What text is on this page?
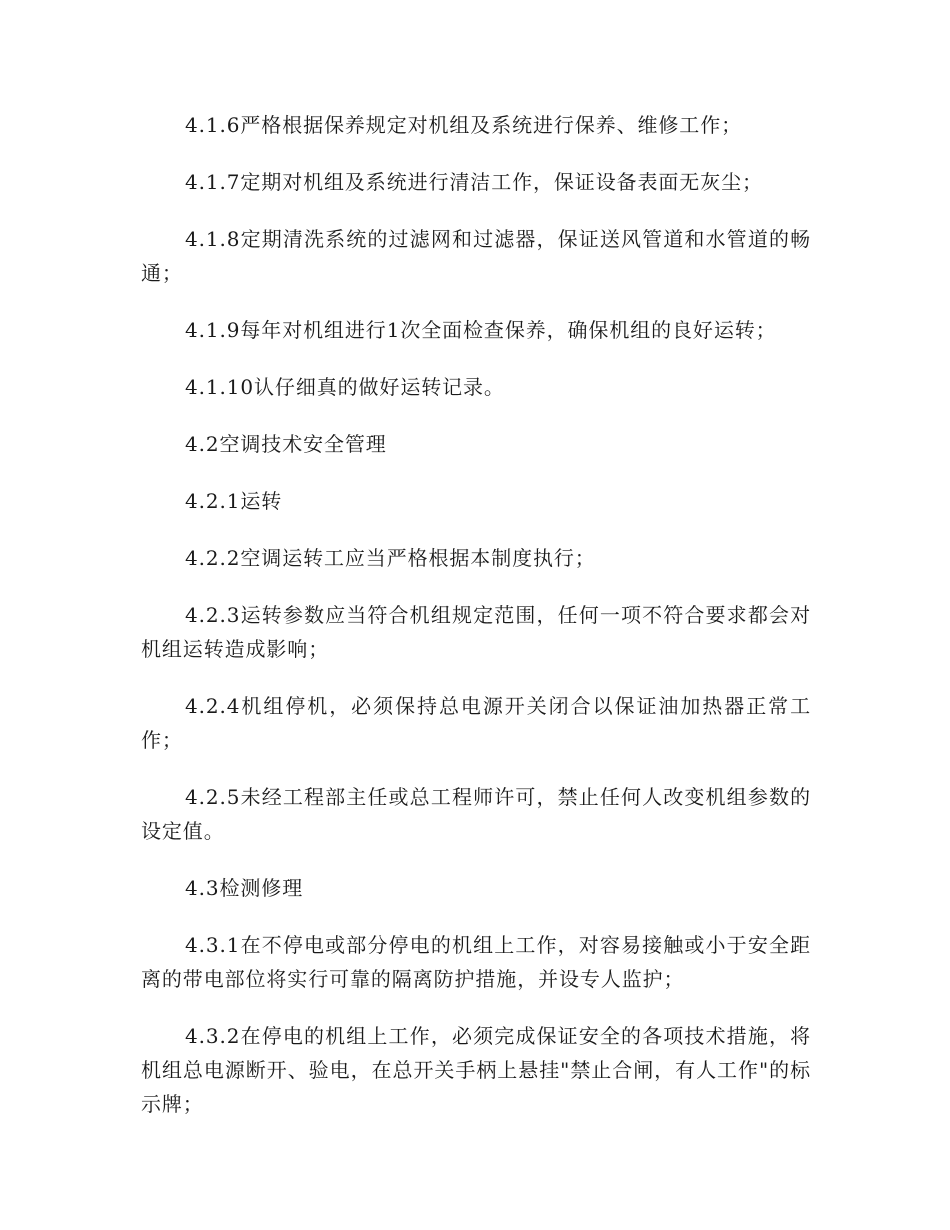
4.1.6严格根据保养规定对机组及系统进行保养、维修工作；

4.1.7定期对机组及系统进行清洁工作，保证设备表面无灰尘；

4.1.8定期清洗系统的过滤网和过滤器，保证送风管道和水管道的畅通；

4.1.9每年对机组进行1次全面检查保养，确保机组的良好运转；

4.1.10认仔细真的做好运转记录。

4.2空调技术安全管理

4.2.1运转

4.2.2空调运转工应当严格根据本制度执行；

4.2.3运转参数应当符合机组规定范围，任何一项不符合要求都会对机组运转造成影响；

4.2.4机组停机，必须保持总电源开关闭合以保证油加热器正常工作；

4.2.5未经工程部主任或总工程师许可，禁止任何人改变机组参数的设定值。

4.3检测修理

4.3.1在不停电或部分停电的机组上工作，对容易接触或小于安全距离的带电部位将实行可靠的隔离防护措施，并设专人监护；

4.3.2在停电的机组上工作，必须完成保证安全的各项技术措施，将机组总电源断开、验电，在总开关手柄上悬挂"禁止合闸，有人工作"的标示牌；
